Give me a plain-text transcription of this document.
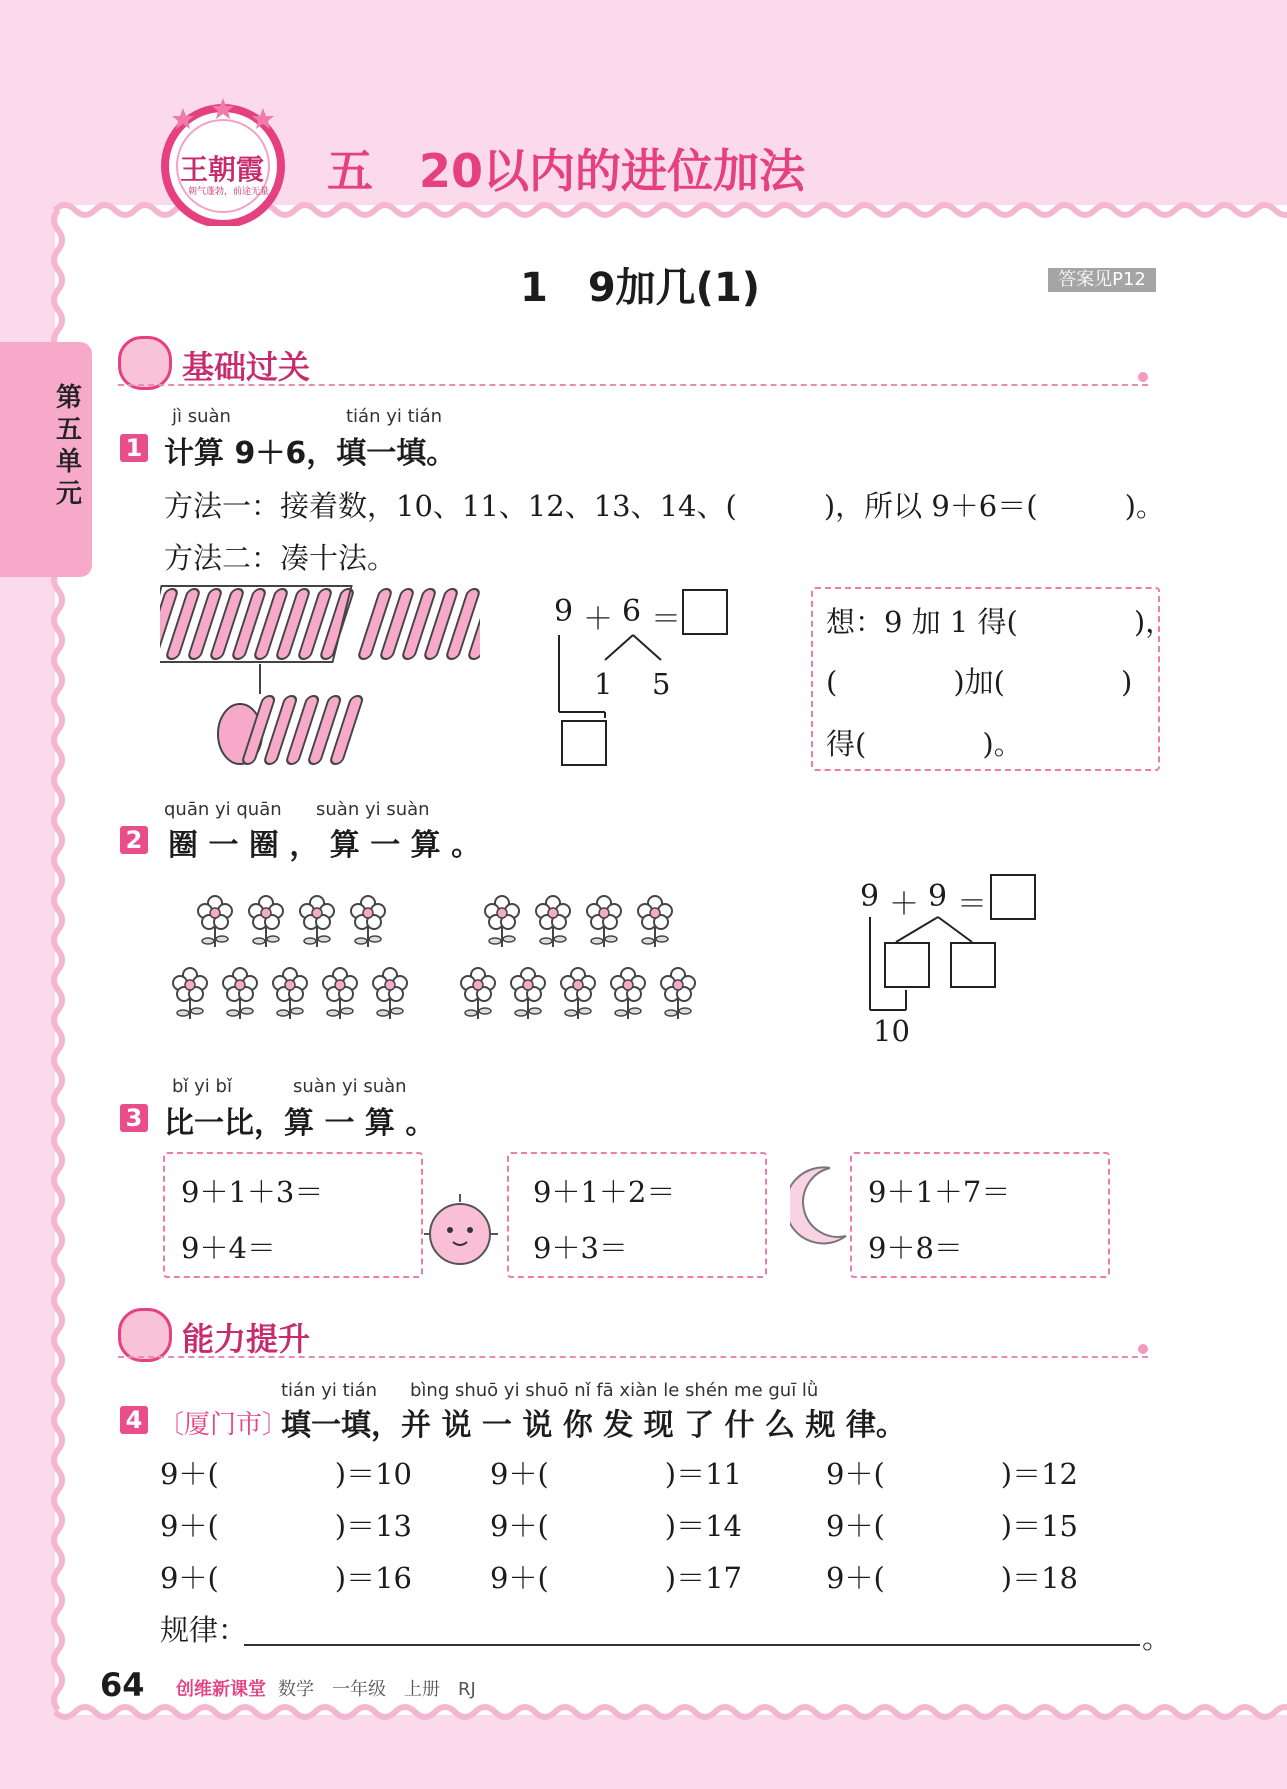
王朝霞
朝气蓬勃，前途无量 五　20以内的进位加法
第五单元
1　9加几(1)	答案见P12
基础过关
jì suàn	tián yi tián
1 计算 9＋6，填一填。
方法一：接着数，10、11、12、13、14、(　　　)，所以 9＋6＝(　　　)。
方法二：凑十法。
9 ＋ 6 ＝
1 5
想：9 加 1 得(　　　　)，
(　　　　)加(　　　　)
得(　　　　)。
quān yi quān suàn yi suàn
2 圈 一 圈 ， 算 一 算 。
9 ＋ 9 ＝
10
bǐ yi bǐ	suàn yi suàn
3 比一比，算 一 算 。
9＋1＋3＝
9＋4＝
9＋1＋2＝
9＋3＝
9＋1＋7＝
9＋8＝
能力提升
tián yi tián bìng shuō yi shuō nǐ fā xiàn le shén me guī lǜ
4 〔厦门市〕
填一填，并 说 一 说 你 发 现 了 什 么 规 律。
9＋(　　　　)＝10	9＋(　　　　)＝11	9＋(　　　　)＝12
9＋(　　　　)＝13	9＋(　　　　)＝14	9＋(　　　　)＝15
9＋(　　　　)＝16	9＋(　　　　)＝17	9＋(　　　　)＝18
规律：	。
64 创维新课堂 数学　一年级　上册　RJ
